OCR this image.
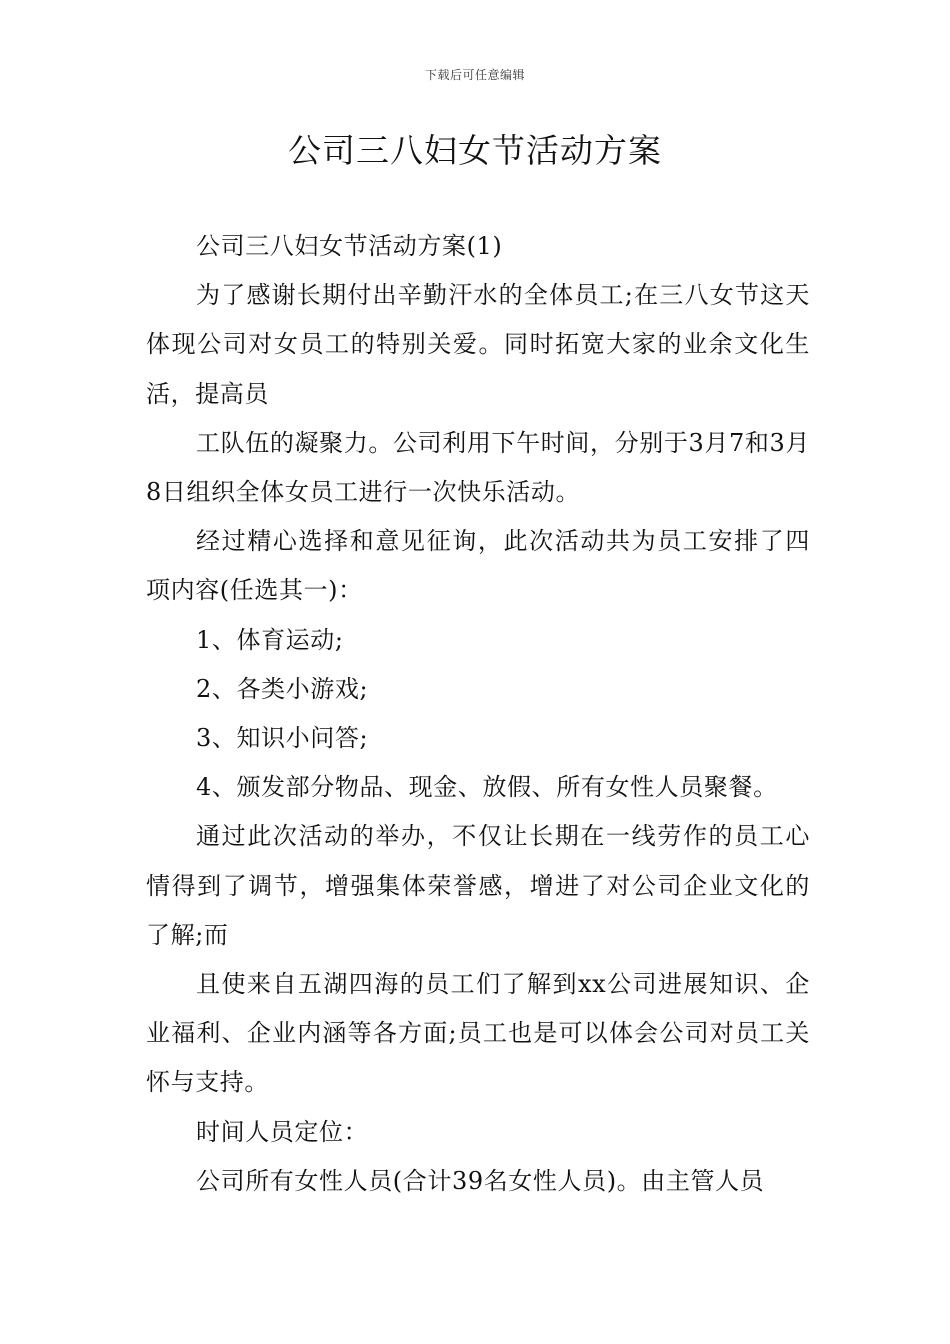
下载后可任意编辑
公司三八妇女节活动方案

公司三八妇女节活动方案(1)

为了感谢长期付出辛勤汗水的全体员工;在三八女节这天体现公司对女员工的特别关爱。同时拓宽大家的业余文化生活，提高员

工队伍的凝聚力。公司利用下午时间，分别于3月7和3月8日组织全体女员工进行一次快乐活动。

经过精心选择和意见征询，此次活动共为员工安排了四项内容(任选其一)：

1、体育运动;

2、各类小游戏;

3、知识小问答;

4、颁发部分物品、现金、放假、所有女性人员聚餐。

通过此次活动的举办，不仅让长期在一线劳作的员工心情得到了调节，增强集体荣誉感，增进了对公司企业文化的了解;而

且使来自五湖四海的员工们了解到xx公司进展知识、企业福利、企业内涵等各方面;员工也是可以体会公司对员工关怀与支持。

时间人员定位：

公司所有女性人员(合计39名女性人员)。由主管人员
